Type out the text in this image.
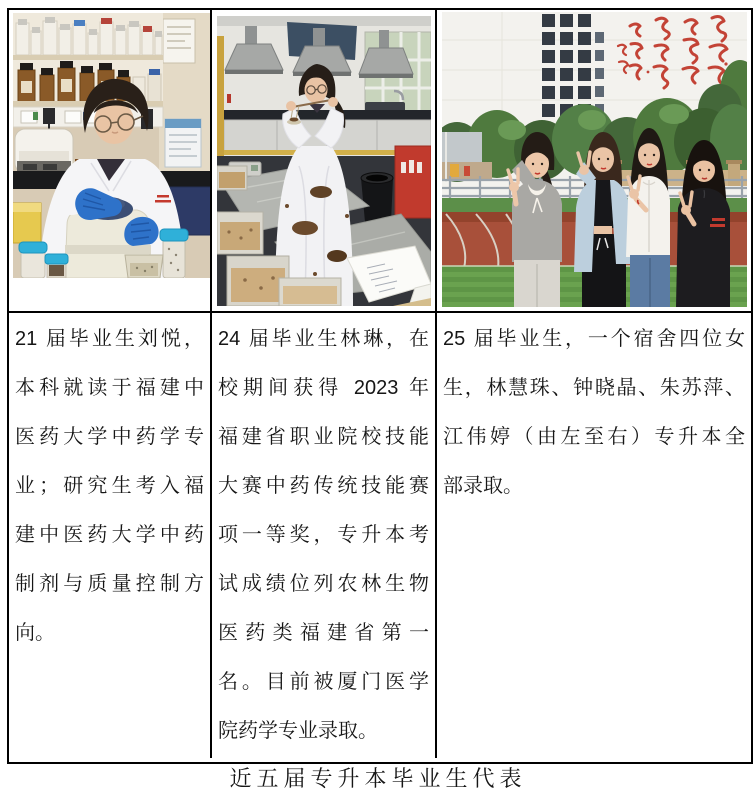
21 届毕业生刘悦，
本科就读于福建中
医药大学中药学专
业；研究生考入福
建中医药大学中药
制剂与质量控制方
向。
24 届毕业生林琳，在
校期间获得 2023 年
福建省职业院校技能
大赛中药传统技能赛
项一等奖，专升本考
试成绩位列农林生物
医药类福建省第一
名。目前被厦门医学
院药学专业录取。
25 届毕业生，一个宿舍四位女
生，林慧珠、钟晓晶、朱苏萍、
江伟婷（由左至右）专升本全
部录取。
近五届专升本毕业生代表
